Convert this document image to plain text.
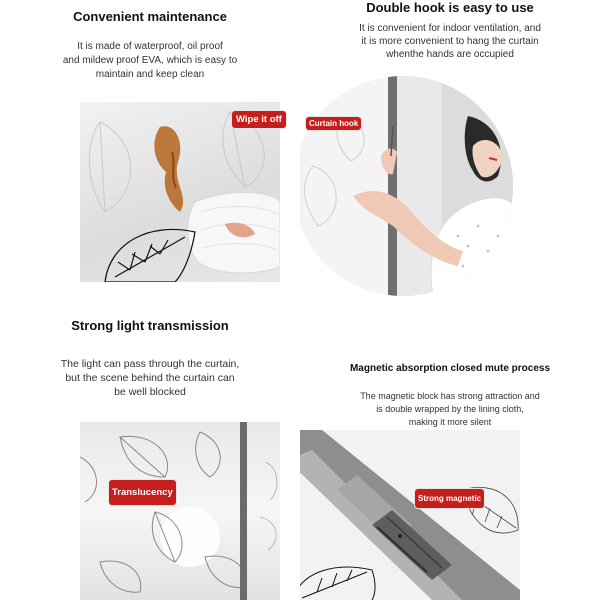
Convenient maintenance
It is made of waterproof, oil proof
and mildew proof EVA, which is easy to
maintain and keep clean
Wipe it off
Double hook is easy to use
It is convenient for indoor ventilation, and
it is more convenient to hang the curtain
whenthe hands are occupied
Curtain hook
Strong light transmission
The light can pass through the curtain,
but the scene behind the curtain can
be well blocked
Translucency
Magnetic absorption closed mute process
The magnetic block has strong attraction and
is double wrapped by the lining cloth,
making it more silent
Strong magnetic
